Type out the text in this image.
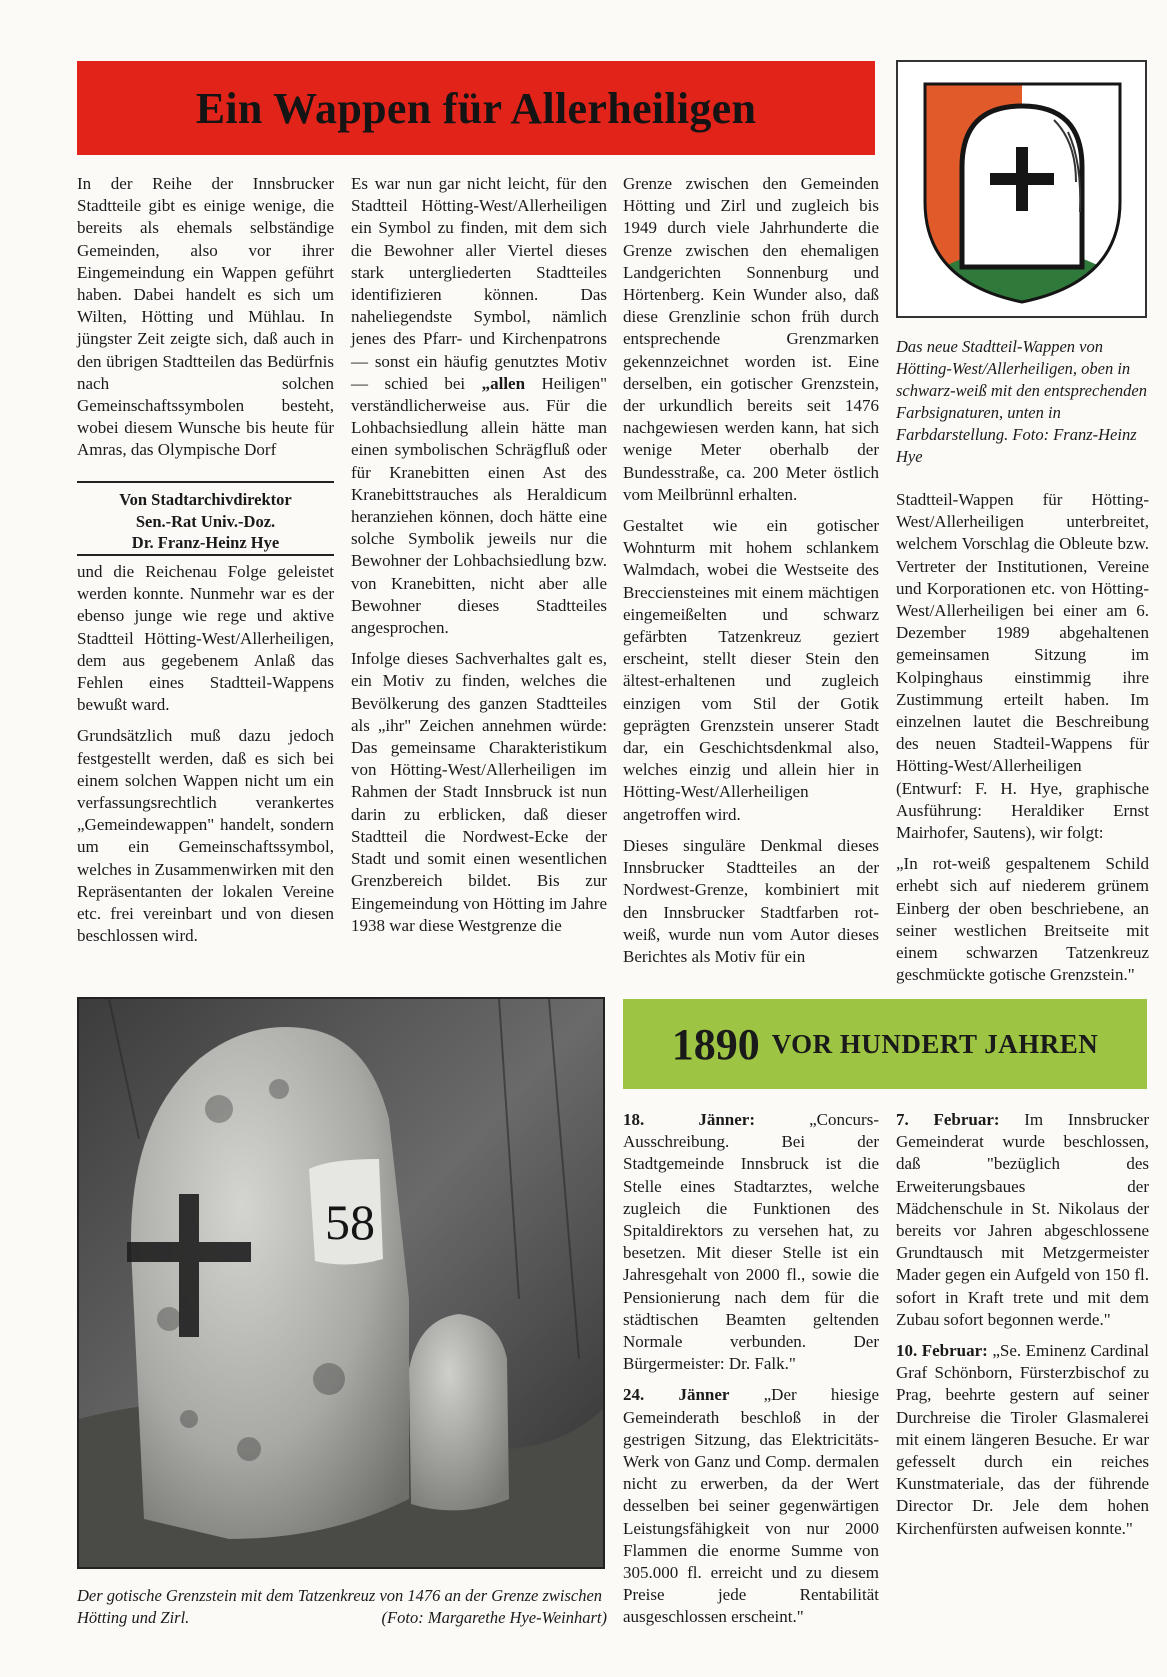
Ein Wappen für Allerheiligen

In der Reihe der Innsbrucker Stadtteile gibt es einige wenige, die bereits als ehemals selbständige Gemeinden, also vor ihrer Eingemeindung ein Wappen geführt haben. Dabei handelt es sich um Wilten, Hötting und Mühlau. In jüngster Zeit zeigte sich, daß auch in den übrigen Stadtteilen das Bedürfnis nach solchen Gemeinschaftssymbolen besteht, wobei diesem Wunsche bis heute für Amras, das Olympische Dorf

Von Stadtarchivdirektor
Sen.-Rat Univ.-Doz.
Dr. Franz-Heinz Hye

und die Reichenau Folge geleistet werden konnte. Nunmehr war es der ebenso junge wie rege und aktive Stadtteil Hötting-West/Allerheiligen, dem aus gegebenem Anlaß das Fehlen eines Stadtteil-Wappens bewußt ward.

Grundsätzlich muß dazu jedoch festgestellt werden, daß es sich bei einem solchen Wappen nicht um ein verfassungsrechtlich verankertes „Gemeindewappen" handelt, sondern um ein Gemeinschaftssymbol, welches in Zusammenwirken mit den Repräsentanten der lokalen Vereine etc. frei vereinbart und von diesen beschlossen wird.

Es war nun gar nicht leicht, für den Stadtteil Hötting-West/Allerheiligen ein Symbol zu finden, mit dem sich die Bewohner aller Viertel dieses stark untergliederten Stadtteiles identifizieren können. Das naheliegendste Symbol, nämlich jenes des Pfarr- und Kirchenpatrons — sonst ein häufig genutztes Motiv — schied bei „allen Heiligen" verständlicherweise aus. Für die Lohbachsiedlung allein hätte man einen symbolischen Schrägfluß oder für Kranebitten einen Ast des Kranebittstrauches als Heraldicum heranziehen können, doch hätte eine solche Symbolik jeweils nur die Bewohner der Lohbachsiedlung bzw. von Kranebitten, nicht aber alle Bewohner dieses Stadtteiles angesprochen.

Infolge dieses Sachverhaltes galt es, ein Motiv zu finden, welches die Bevölkerung des ganzen Stadtteiles als „ihr" Zeichen annehmen würde: Das gemeinsame Charakteristikum von Hötting-West/Allerheiligen im Rahmen der Stadt Innsbruck ist nun darin zu erblicken, daß dieser Stadtteil die Nordwest-Ecke der Stadt und somit einen wesentlichen Grenzbereich bildet. Bis zur Eingemeindung von Hötting im Jahre 1938 war diese Westgrenze die

Grenze zwischen den Gemeinden Hötting und Zirl und zugleich bis 1949 durch viele Jahrhunderte die Grenze zwischen den ehemaligen Landgerichten Sonnenburg und Hörtenberg. Kein Wunder also, daß diese Grenzlinie schon früh durch entsprechende Grenzmarken gekennzeichnet worden ist. Eine derselben, ein gotischer Grenzstein, der urkundlich bereits seit 1476 nachgewiesen werden kann, hat sich wenige Meter oberhalb der Bundesstraße, ca. 200 Meter östlich vom Meilbrünnl erhalten.

Gestaltet wie ein gotischer Wohnturm mit hohem schlankem Walmdach, wobei die Westseite des Brecciensteines mit einem mächtigen eingemeißelten und schwarz gefärbten Tatzenkreuz geziert erscheint, stellt dieser Stein den ältest-erhaltenen und zugleich einzigen vom Stil der Gotik geprägten Grenzstein unserer Stadt dar, ein Geschichtsdenkmal also, welches einzig und allein hier in Hötting-West/Allerheiligen angetroffen wird.

Dieses singuläre Denkmal dieses Innsbrucker Stadtteiles an der Nordwest-Grenze, kombiniert mit den Innsbrucker Stadtfarben rot-weiß, wurde nun vom Autor dieses Berichtes als Motiv für ein

Das neue Stadtteil-Wappen von Hötting-West/Allerheiligen, oben in schwarz-weiß mit den entsprechenden Farbsignaturen, unten in Farbdarstellung. Foto: Franz-Heinz Hye

Stadtteil-Wappen für Hötting-West/Allerheiligen unterbreitet, welchem Vorschlag die Obleute bzw. Vertreter der Institutionen, Vereine und Korporationen etc. von Hötting-West/Allerheiligen bei einer am 6. Dezember 1989 abgehaltenen gemeinsamen Sitzung im Kolpinghaus einstimmig ihre Zustimmung erteilt haben. Im einzelnen lautet die Beschreibung des neuen Stadteil-Wappens für Hötting-West/Allerheiligen (Entwurf: F. H. Hye, graphische Ausführung: Heraldiker Ernst Mairhofer, Sautens), wir folgt:

„In rot-weiß gespaltenem Schild erhebt sich auf niederem grünem Einberg der oben beschriebene, an seiner westlichen Breitseite mit einem schwarzen Tatzenkreuz geschmückte gotische Grenzstein."

58
Der gotische Grenzstein mit dem Tatzenkreuz von 1476 an der Grenze zwischen Hötting und Zirl.	(Foto: Margarethe Hye-Weinhart)
1890 VOR HUNDERT JAHREN

18. Jänner:	„Concurs-Ausschreibung. Bei der Stadtgemeinde Innsbruck ist die Stelle eines Stadtarztes, welche zugleich die Funktionen des Spitaldirektors zu versehen hat, zu besetzen. Mit dieser Stelle ist ein Jahresgehalt von 2000 fl., sowie die Pensionierung nach dem für die städtischen Beamten geltenden Normale verbunden. Der Bürgermeister: Dr. Falk."

24. Jänner „Der hiesige Gemeinderath beschloß in der gestrigen Sitzung, das Elektricitäts-Werk von Ganz und Comp. dermalen nicht zu erwerben, da der Wert desselben bei seiner gegenwärtigen Leistungsfähigkeit von nur 2000 Flammen die enorme Summe von 305.000 fl. erreicht und zu diesem Preise jede Rentabilität ausgeschlossen erscheint."

7. Februar: Im Innsbrucker Gemeinderat wurde beschlossen, daß "bezüglich des Erweiterungsbaues der Mädchenschule in St. Nikolaus der bereits vor Jahren abgeschlossene Grundtausch mit Metzgermeister Mader gegen ein Aufgeld von 150 fl. sofort in Kraft trete und mit dem Zubau sofort begonnen werde."

10. Februar: „Se. Eminenz Cardinal Graf Schönborn, Fürsterzbischof zu Prag, beehrte gestern auf seiner Durchreise die Tiroler Glasmalerei mit einem längeren Besuche. Er war gefesselt durch ein reiches Kunstmateriale, das der führende Director Dr. Jele dem hohen Kirchenfürsten aufweisen konnte."
